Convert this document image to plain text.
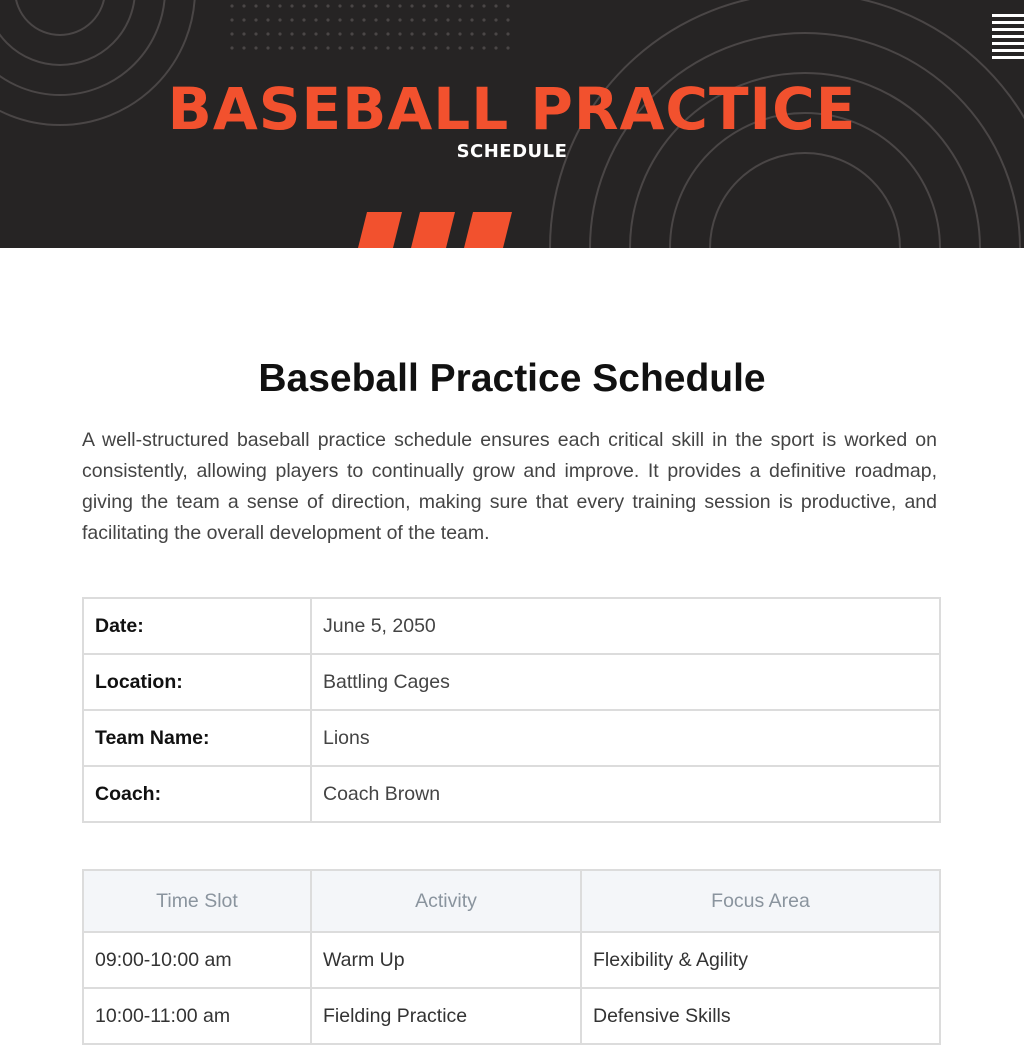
BASEBALL PRACTICE
SCHEDULE
Baseball Practice Schedule

A well-structured baseball practice schedule ensures each critical skill in the sport is worked on consistently, allowing players to continually grow and improve. It provides a definitive roadmap, giving the team a sense of direction, making sure that every training session is productive, and facilitating the overall development of the team.

Date:	June 5, 2050
Location:	Battling Cages
Team Name:	Lions
Coach:	Coach Brown
Time Slot	Activity	Focus Area
09:00-10:00 am	Warm Up	Flexibility & Agility
10:00-11:00 am	Fielding Practice	Defensive Skills
